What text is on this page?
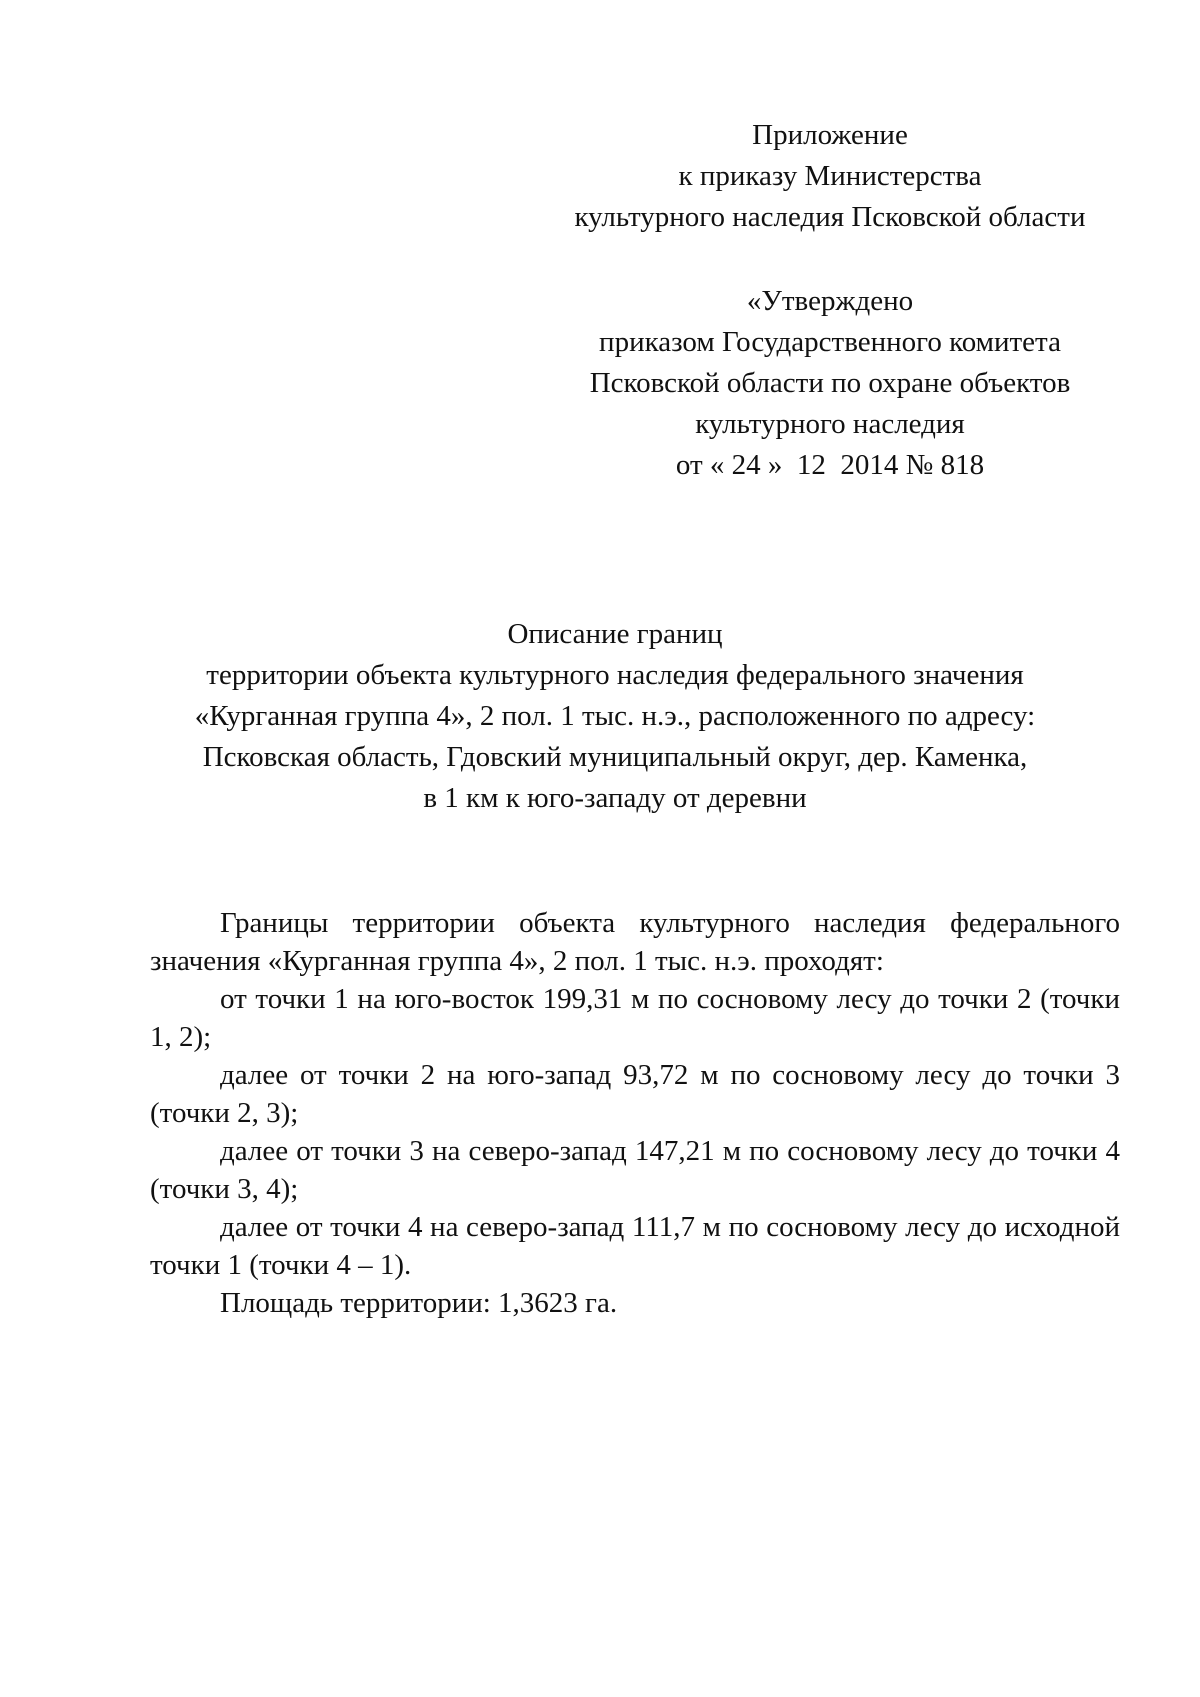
Приложение
к приказу Министерства
культурного наследия Псковской области
«Утверждено
приказом Государственного комитета
Псковской области по охране объектов
культурного наследия
от « 24 »  12  2014 № 818
Описание границ
территории объекта культурного наследия федерального значения
«Курганная группа 4», 2 пол. 1 тыс. н.э., расположенного по адресу:
Псковская область, Гдовский муниципальный округ, дер. Каменка,
в 1 км к юго-западу от деревни

Границы территории объекта культурного наследия федерального значения «Курганная группа 4», 2 пол. 1 тыс. н.э. проходят:

от точки 1 на юго-восток 199,31 м по сосновому лесу до точки 2 (точки 1, 2);

далее от точки 2 на юго-запад 93,72 м по сосновому лесу до точки 3 (точки 2, 3);

далее от точки 3 на северо-запад 147,21 м по сосновому лесу до точки 4 (точки 3, 4);

далее от точки 4 на северо-запад 111,7 м по сосновому лесу до исходной точки 1 (точки 4 – 1).

Площадь территории: 1,3623 га.
